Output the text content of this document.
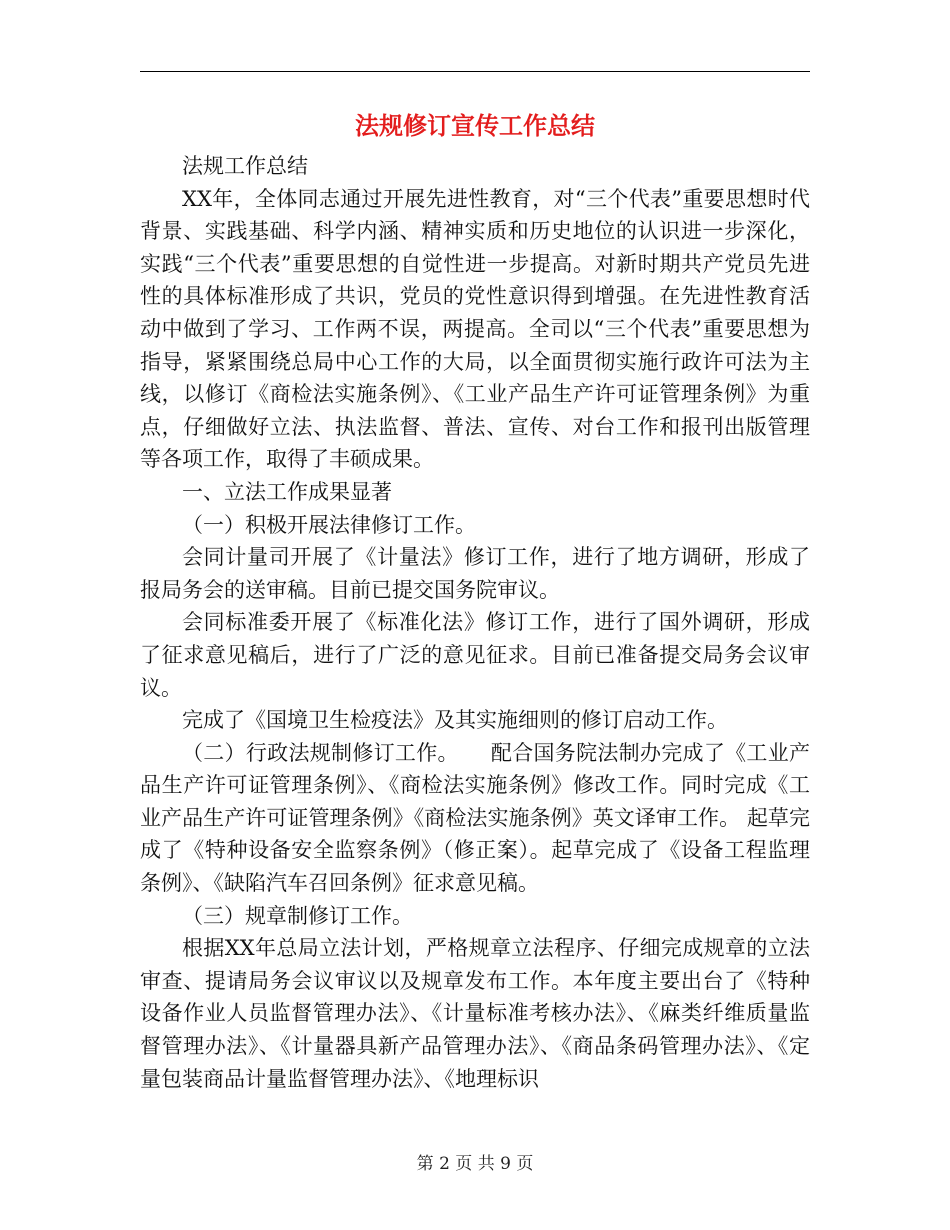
法规修订宣传工作总结

法规工作总结

XX年，全体同志通过开展先进性教育，对“三个代表”重要思想时代背景、实践基础、科学内涵、精神实质和历史地位的认识进一步深化，实践“三个代表”重要思想的自觉性进一步提高。对新时期共产党员先进性的具体标准形成了共识，党员的党性意识得到增强。在先进性教育活动中做到了学习、工作两不误，两提高。全司以“三个代表”重要思想为指导，紧紧围绕总局中心工作的大局，以全面贯彻实施行政许可法为主线，以修订《商检法实施条例》、《工业产品生产许可证管理条例》为重点，仔细做好立法、执法监督、普法、宣传、对台工作和报刊出版管理等各项工作，取得了丰硕成果。

一、立法工作成果显著

（一）积极开展法律修订工作。

会同计量司开展了《计量法》修订工作，进行了地方调研，形成了报局务会的送审稿。目前已提交国务院审议。

会同标准委开展了《标准化法》修订工作，进行了国外调研，形成了征求意见稿后，进行了广泛的意见征求。目前已准备提交局务会议审议。

完成了《国境卫生检疫法》及其实施细则的修订启动工作。

（二）行政法规制修订工作。　　配合国务院法制办完成了《工业产品生产许可证管理条例》、《商检法实施条例》修改工作。同时完成《工业产品生产许可证管理条例》《商检法实施条例》英文译审工作。 起草完成了《特种设备安全监察条例》（修正案）。起草完成了《设备工程监理条例》、《缺陷汽车召回条例》征求意见稿。

（三）规章制修订工作。

根据XX年总局立法计划，严格规章立法程序、仔细完成规章的立法审查、提请局务会议审议以及规章发布工作。本年度主要出台了《特种设备作业人员监督管理办法》、《计量标准考核办法》、《麻类纤维质量监督管理办法》、《计量器具新产品管理办法》、《商品条码管理办法》、《定量包装商品计量监督管理办法》、《地理标识

第 2 页 共 9 页
